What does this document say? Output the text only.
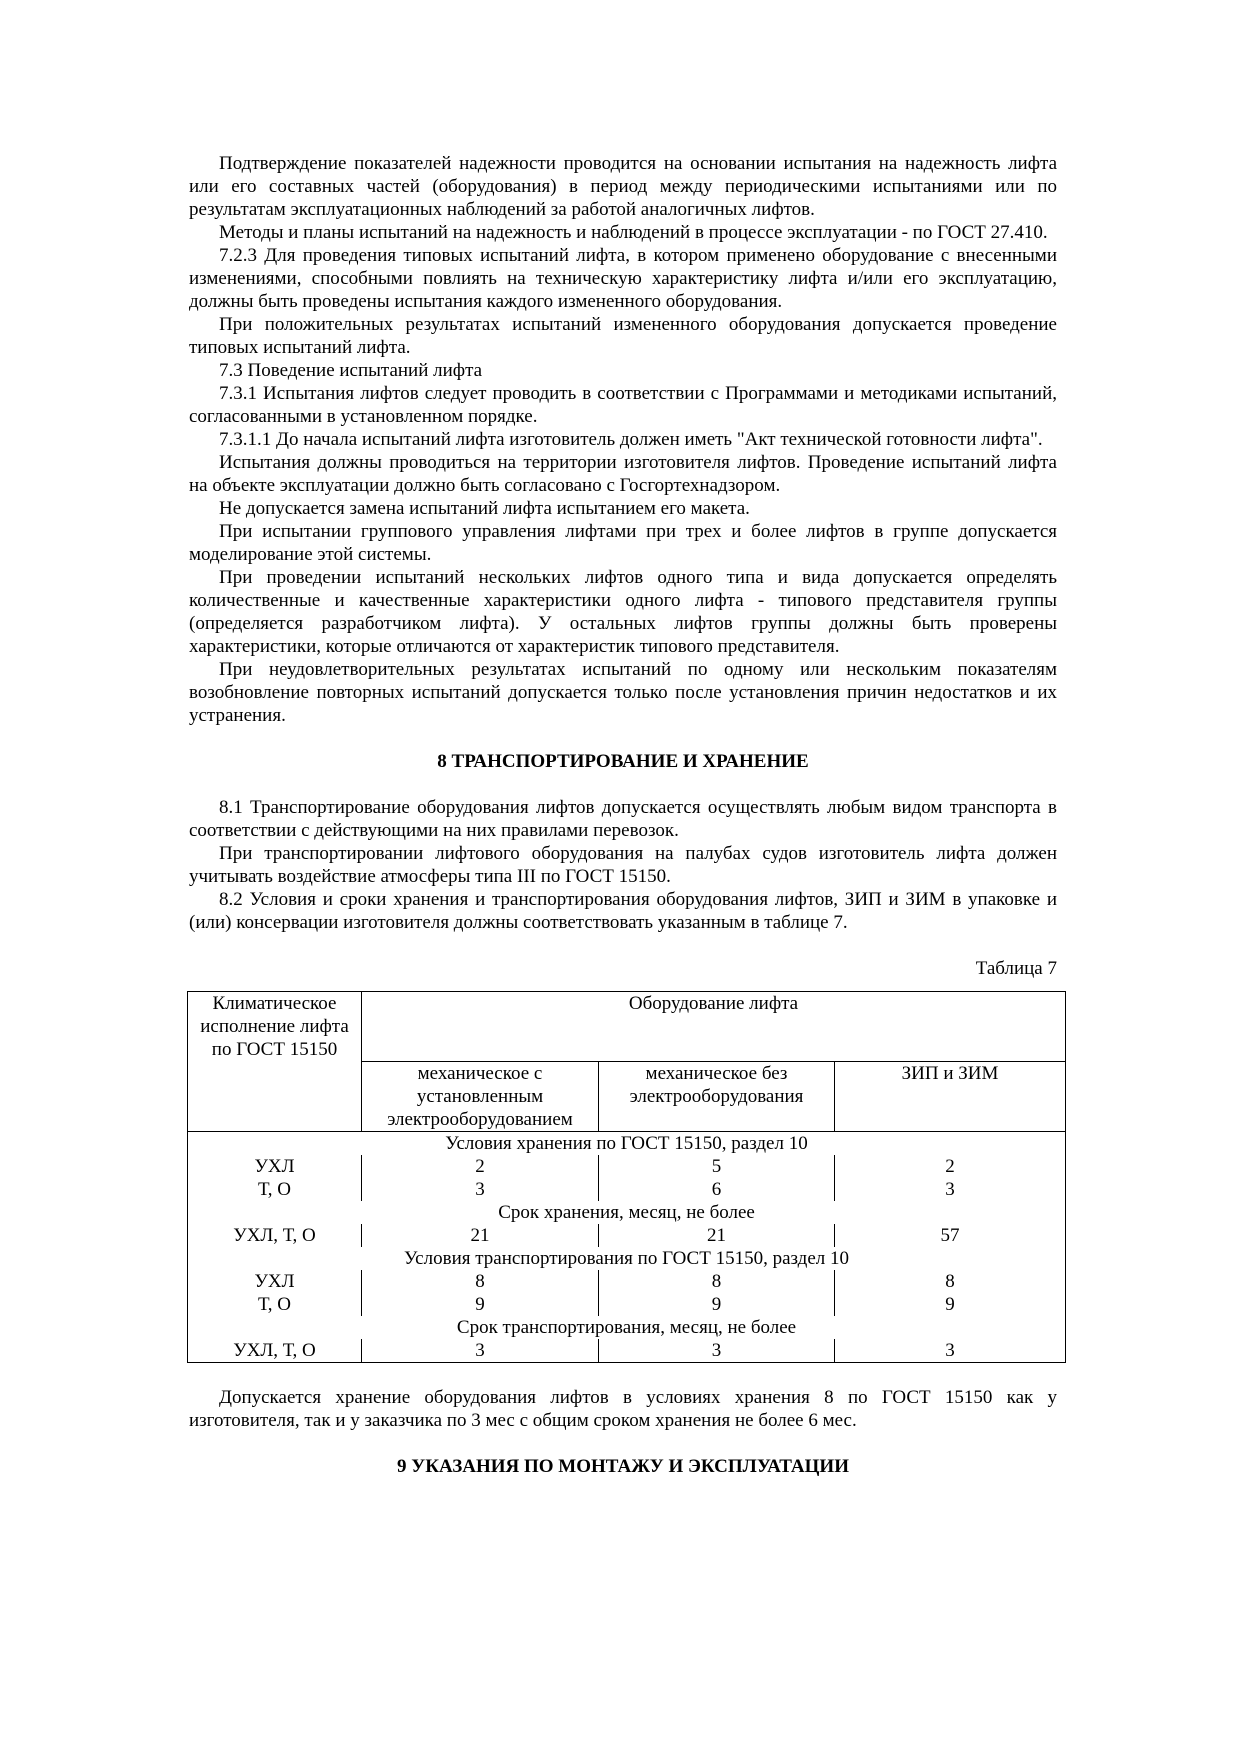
Подтверждение показателей надежности проводится на основании испытания на надежность лифта или его составных частей (оборудования) в период между периодическими испытаниями или по результатам эксплуатационных наблюдений за работой аналогичных лифтов.

Методы и планы испытаний на надежность и наблюдений в процессе эксплуатации - по ГОСТ 27.410.

7.2.3 Для проведения типовых испытаний лифта, в котором применено оборудование с внесенными изменениями, способными повлиять на техническую характеристику лифта и/или его эксплуатацию, должны быть проведены испытания каждого измененного оборудования.

При положительных результатах испытаний измененного оборудования допускается проведение типовых испытаний лифта.

7.3 Поведение испытаний лифта

7.3.1 Испытания лифтов следует проводить в соответствии с Программами и методиками испытаний, согласованными в установленном порядке.

7.3.1.1 До начала испытаний лифта изготовитель должен иметь "Акт технической готовности лифта".

Испытания должны проводиться на территории изготовителя лифтов. Проведение испытаний лифта на объекте эксплуатации должно быть согласовано с Госгортехнадзором.

Не допускается замена испытаний лифта испытанием его макета.

При испытании группового управления лифтами при трех и более лифтов в группе допускается моделирование этой системы.

При проведении испытаний нескольких лифтов одного типа и вида допускается определять количественные и качественные характеристики одного лифта - типового представителя группы (определяется разработчиком лифта). У остальных лифтов группы должны быть проверены характеристики, которые отличаются от характеристик типового представителя.

При неудовлетворительных результатах испытаний по одному или нескольким показателям возобновление повторных испытаний допускается только после установления причин недостатков и их устранения.

8 ТРАНСПОРТИРОВАНИЕ И ХРАНЕНИЕ

8.1 Транспортирование оборудования лифтов допускается осуществлять любым видом транспорта в соответствии с действующими на них правилами перевозок.

При транспортировании лифтового оборудования на палубах судов изготовитель лифта должен учитывать воздействие атмосферы типа III по ГОСТ 15150.

8.2 Условия и сроки хранения и транспортирования оборудования лифтов, ЗИП и ЗИМ в упаковке и (или) консервации изготовителя должны соответствовать указанным в таблице 7.

Таблица 7

Климатическое исполнение лифта по ГОСТ 15150	Оборудование лифта		
	механическое с установленным электрооборудованием	механическое без электрооборудования	ЗИП и ЗИМ
Условия хранения по ГОСТ 15150, раздел 10			
УХЛ	2	5	2
Т, О	3	6	3
Срок хранения, месяц, не более			
УХЛ, Т, О	21	21	57
Условия транспортирования по ГОСТ 15150, раздел 10			
УХЛ	8	8	8
Т, О	9	9	9
Срок транспортирования, месяц, не более			
УХЛ, Т, О	3	3	3

Допускается хранение оборудования лифтов в условиях хранения 8 по ГОСТ 15150 как у изготовителя, так и у заказчика по 3 мес с общим сроком хранения не более 6 мес.

9 УКАЗАНИЯ ПО МОНТАЖУ И ЭКСПЛУАТАЦИИ
